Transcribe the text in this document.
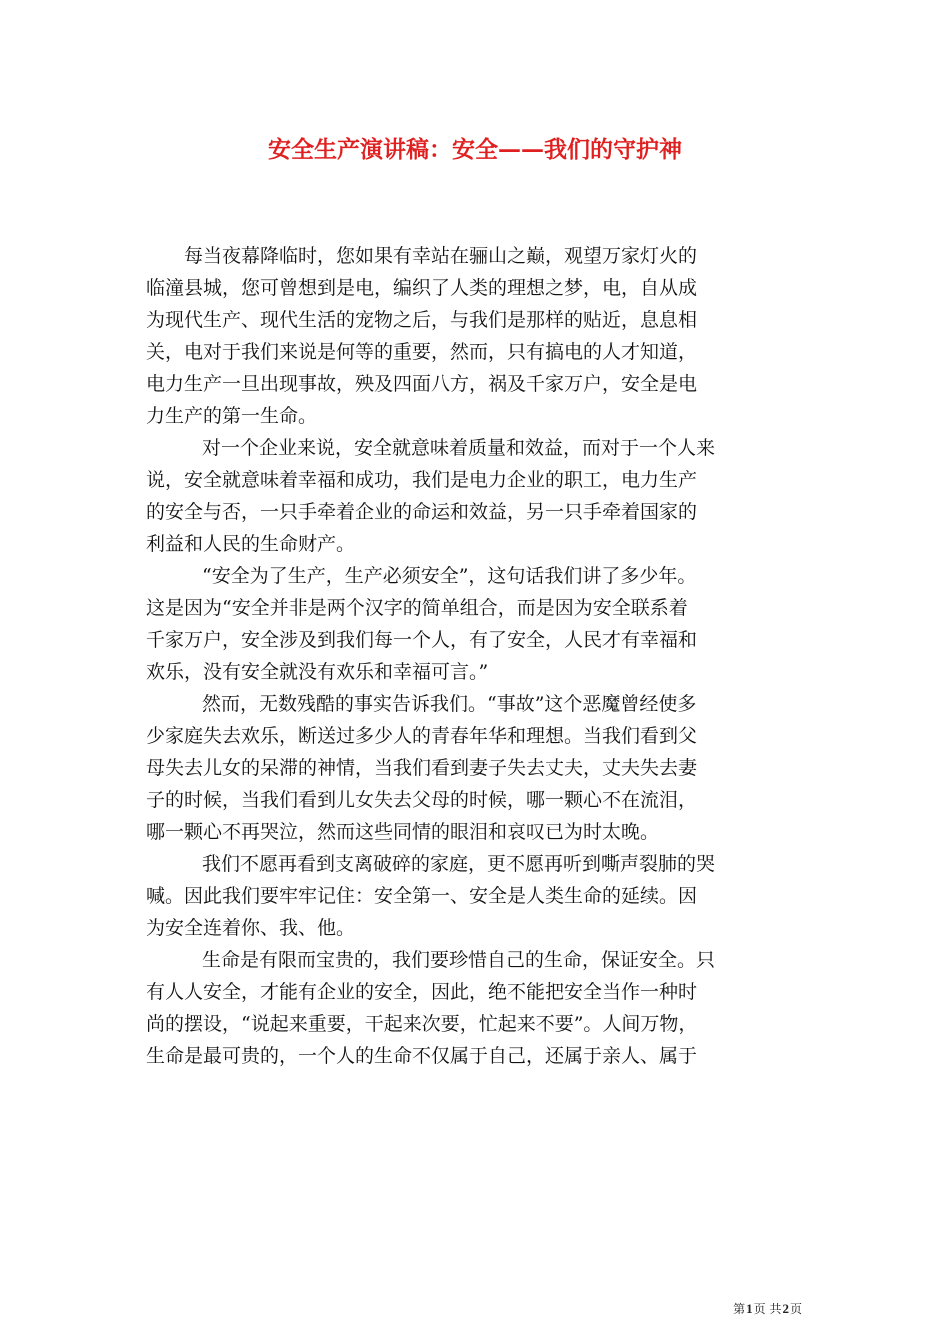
安全生产演讲稿：安全——我们的守护神
每当夜幕降临时，您如果有幸站在骊山之巅，观望万家灯火的
临潼县城，您可曾想到是电，编织了人类的理想之梦，电，自从成
为现代生产、现代生活的宠物之后，与我们是那样的贴近，息息相
关，电对于我们来说是何等的重要，然而，只有搞电的人才知道，
电力生产一旦出现事故，殃及四面八方，祸及千家万户，安全是电
力生产的第一生命。
对一个企业来说，安全就意味着质量和效益，而对于一个人来
说，安全就意味着幸福和成功，我们是电力企业的职工，电力生产
的安全与否，一只手牵着企业的命运和效益，另一只手牵着国家的
利益和人民的生命财产。
“安全为了生产，生产必须安全”，这句话我们讲了多少年。
这是因为“安全并非是两个汉字的简单组合，而是因为安全联系着
千家万户，安全涉及到我们每一个人，有了安全，人民才有幸福和
欢乐，没有安全就没有欢乐和幸福可言。”
然而，无数残酷的事实告诉我们。“事故”这个恶魔曾经使多
少家庭失去欢乐，断送过多少人的青春年华和理想。当我们看到父
母失去儿女的呆滞的神情，当我们看到妻子失去丈夫，丈夫失去妻
子的时候，当我们看到儿女失去父母的时候，哪一颗心不在流泪，
哪一颗心不再哭泣，然而这些同情的眼泪和哀叹已为时太晚。
我们不愿再看到支离破碎的家庭，更不愿再听到嘶声裂肺的哭
喊。因此我们要牢牢记住：安全第一、安全是人类生命的延续。因
为安全连着你、我、他。
生命是有限而宝贵的，我们要珍惜自己的生命，保证安全。只
有人人安全，才能有企业的安全，因此，绝不能把安全当作一种时
尚的摆设，“说起来重要，干起来次要，忙起来不要”。人间万物，
生命是最可贵的，一个人的生命不仅属于自己，还属于亲人、属于
第1页 共2页
